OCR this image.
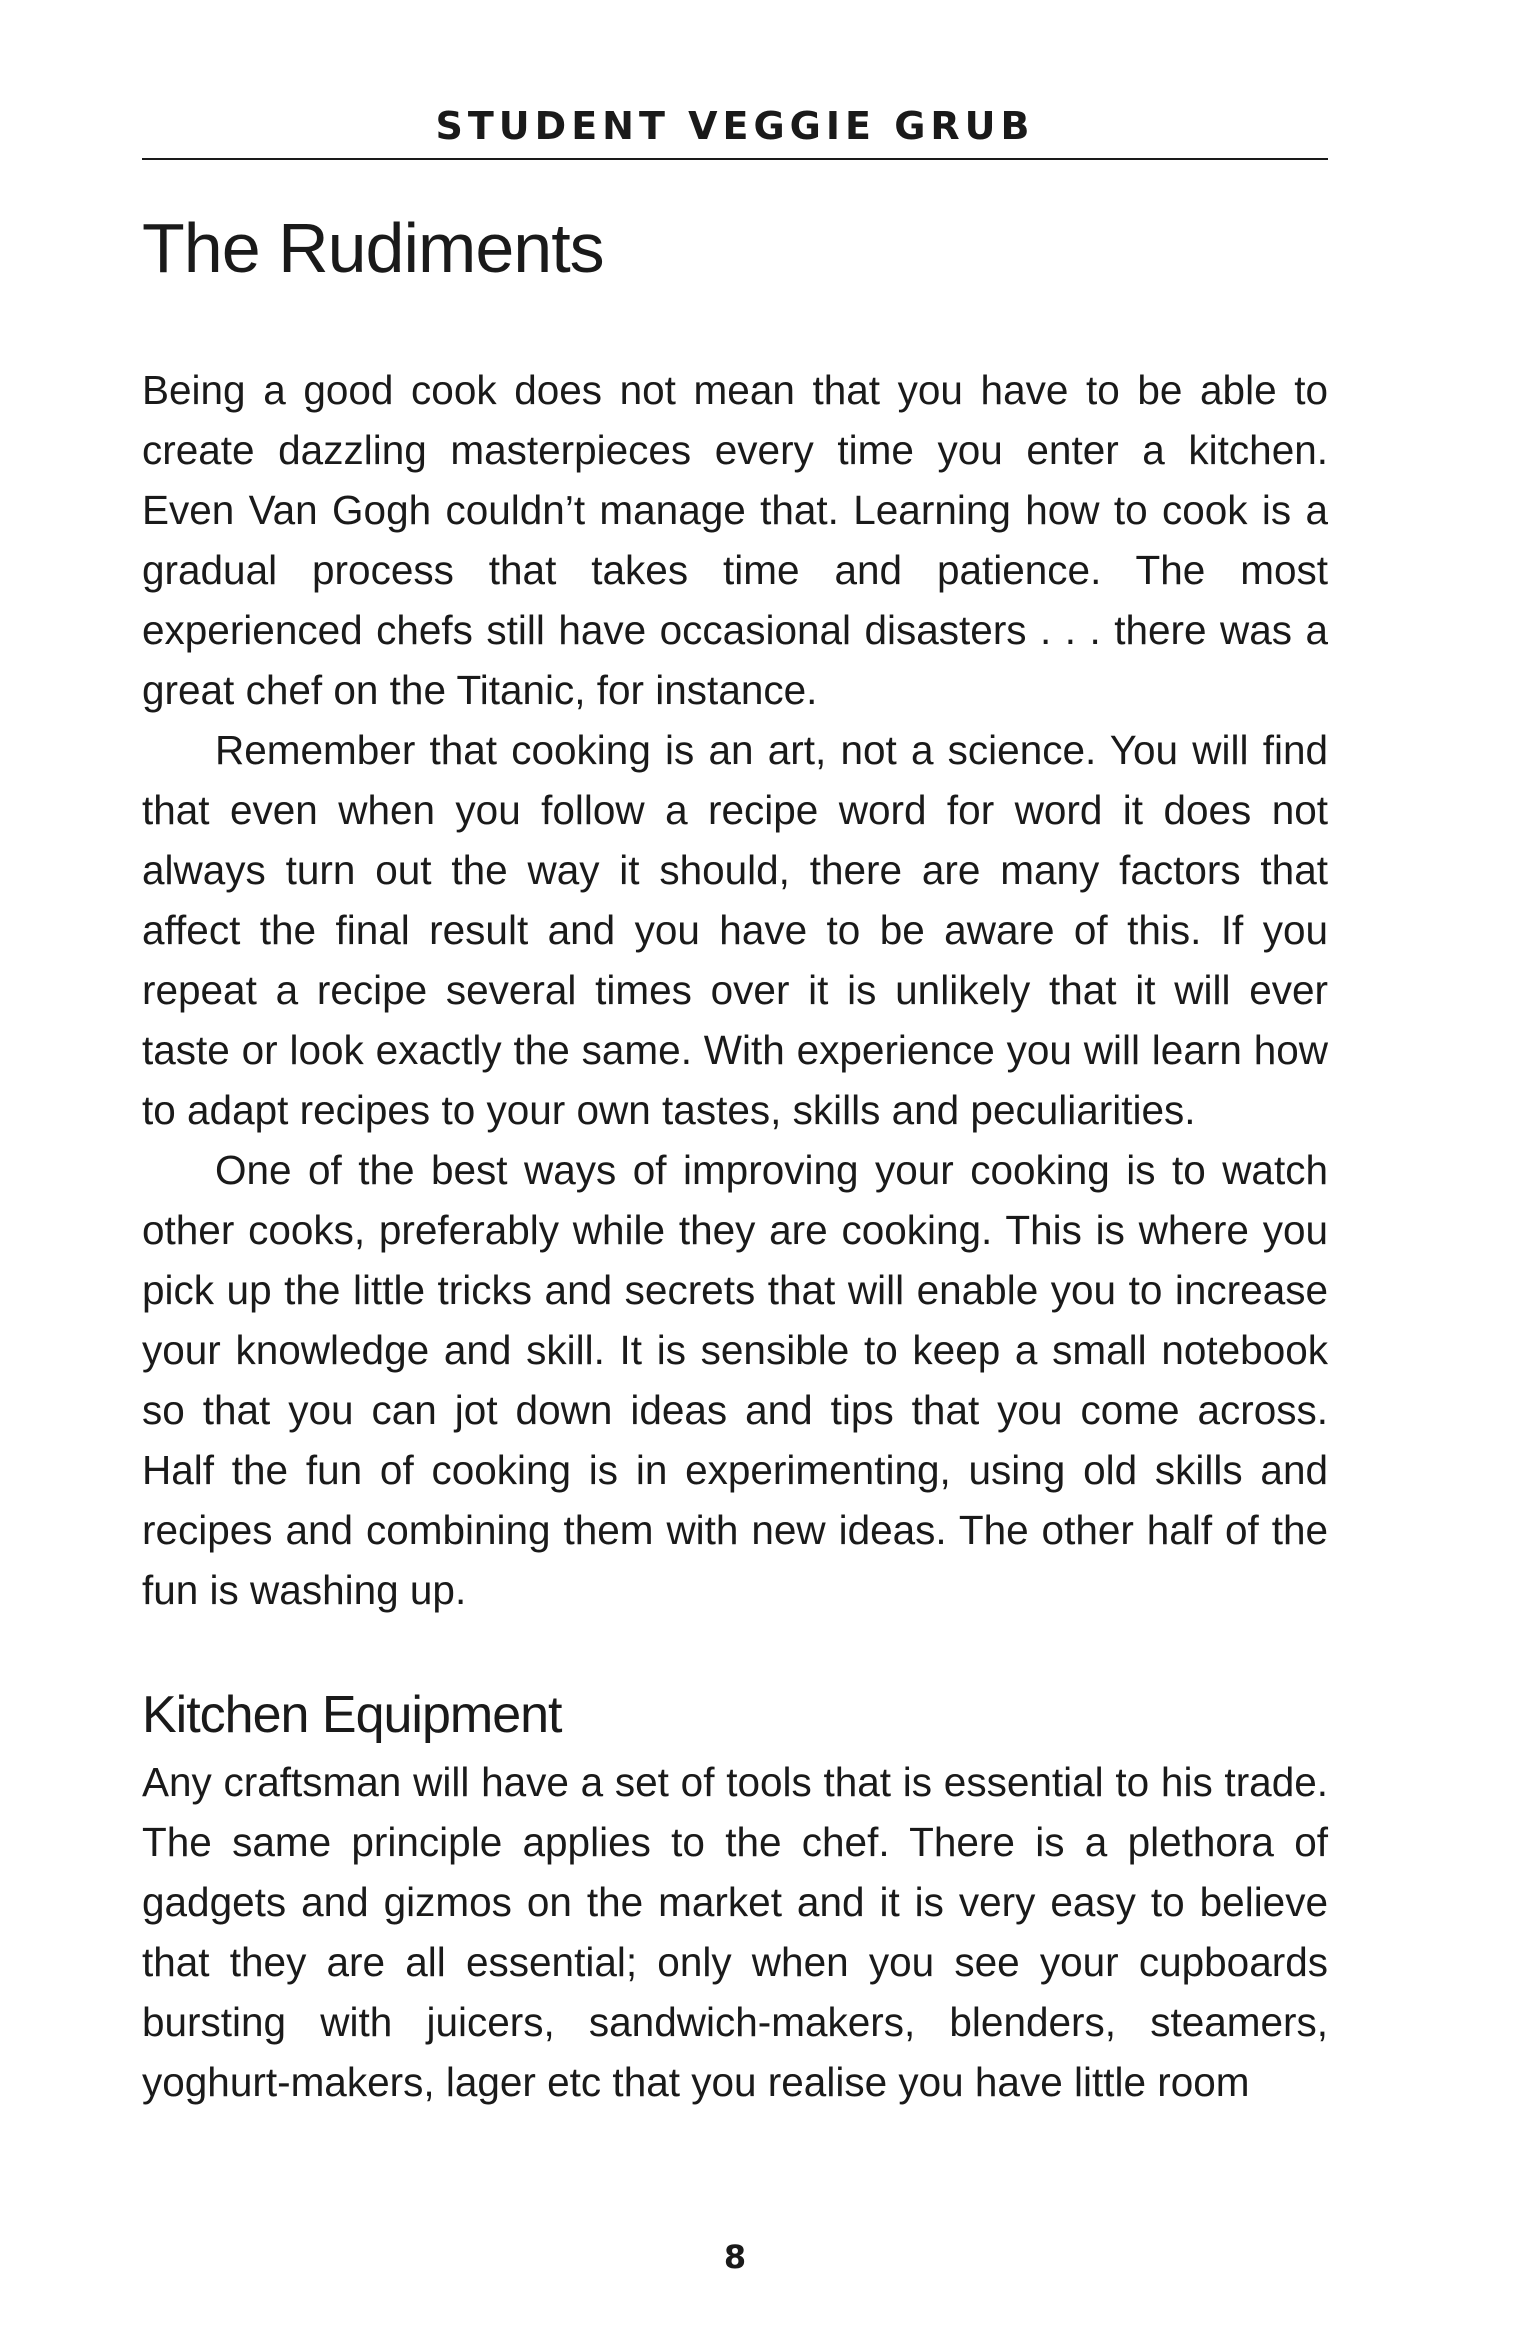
STUDENT VEGGIE GRUB
The Rudiments

Being a good cook does not mean that you have to be able to create dazzling masterpieces every time you enter a kitchen. Even Van Gogh couldn’t manage that. Learning how to cook is a gradual process that takes time and patience. The most experienced chefs still have occasional disasters . . . there was a great chef on the Titanic, for instance.

Remember that cooking is an art, not a science. You will find that even when you follow a recipe word for word it does not always turn out the way it should, there are many factors that affect the final result and you have to be aware of this. If you repeat a recipe several times over it is unlikely that it will ever taste or look exactly the same. With experience you will learn how to adapt recipes to your own tastes, skills and peculiarities.

One of the best ways of improving your cooking is to watch other cooks, preferably while they are cooking. This is where you pick up the little tricks and secrets that will enable you to increase your knowledge and skill. It is sensible to keep a small notebook so that you can jot down ideas and tips that you come across. Half the fun of cooking is in experimenting, using old skills and recipes and combining them with new ideas. The other half of the fun is washing up.

Kitchen Equipment

Any craftsman will have a set of tools that is essential to his trade. The same principle applies to the chef. There is a plethora of gadgets and gizmos on the market and it is very easy to believe that they are all essential; only when you see your cupboards bursting with juicers, sandwich-makers, blenders, steamers, yoghurt-makers, lager etc that you realise you have little room

8
